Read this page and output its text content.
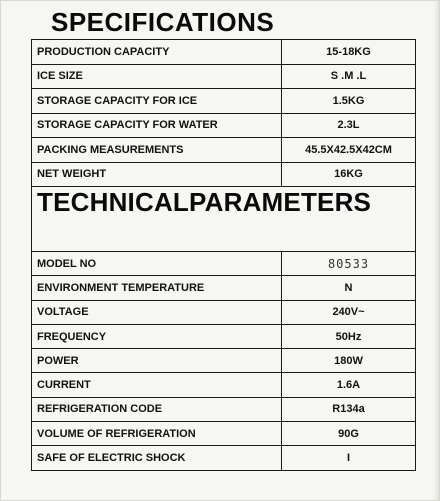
SPECIFICATIONS
PRODUCTION CAPACITY	15-18KG
ICE SIZE	S .M .L
STORAGE CAPACITY FOR ICE	1.5KG
STORAGE CAPACITY FOR WATER	2.3L
PACKING MEASUREMENTS	45.5X42.5X42CM
NET WEIGHT	16KG
TECHNICALPARAMETERS
MODEL NO	80533
ENVIRONMENT TEMPERATURE	N
VOLTAGE	240V~
FREQUENCY	50Hz
POWER	180W
CURRENT	1.6A
REFRIGERATION CODE	R134a
VOLUME OF REFRIGERATION	90G
SAFE OF ELECTRIC SHOCK	I
